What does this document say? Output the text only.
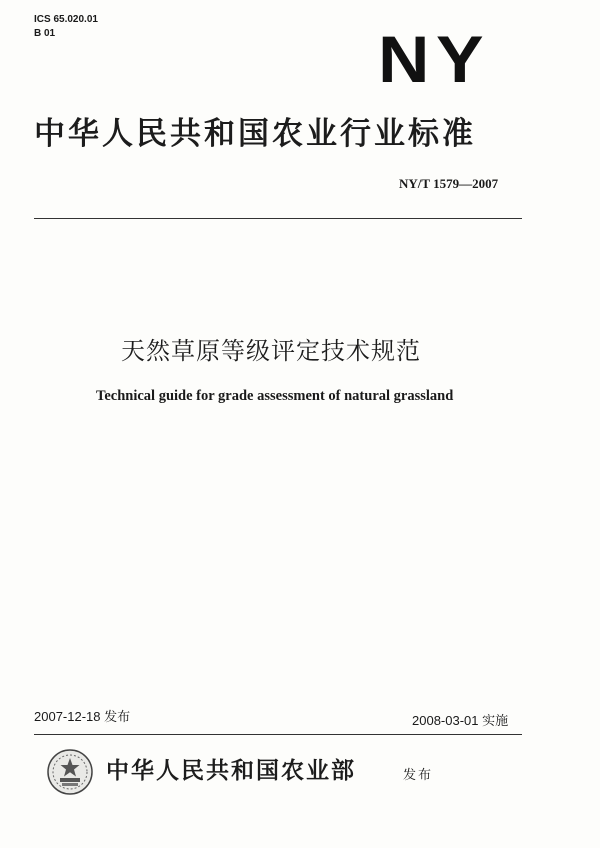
ICS 65.020.01
B 01	NY
中华人民共和国农业行业标准
NY/T 1579—2007
天然草原等级评定技术规范
Technical guide for grade assessment of natural grassland
2007-12-18 发布	2008-03-01 实施
中华人民共和国农业部	发布
